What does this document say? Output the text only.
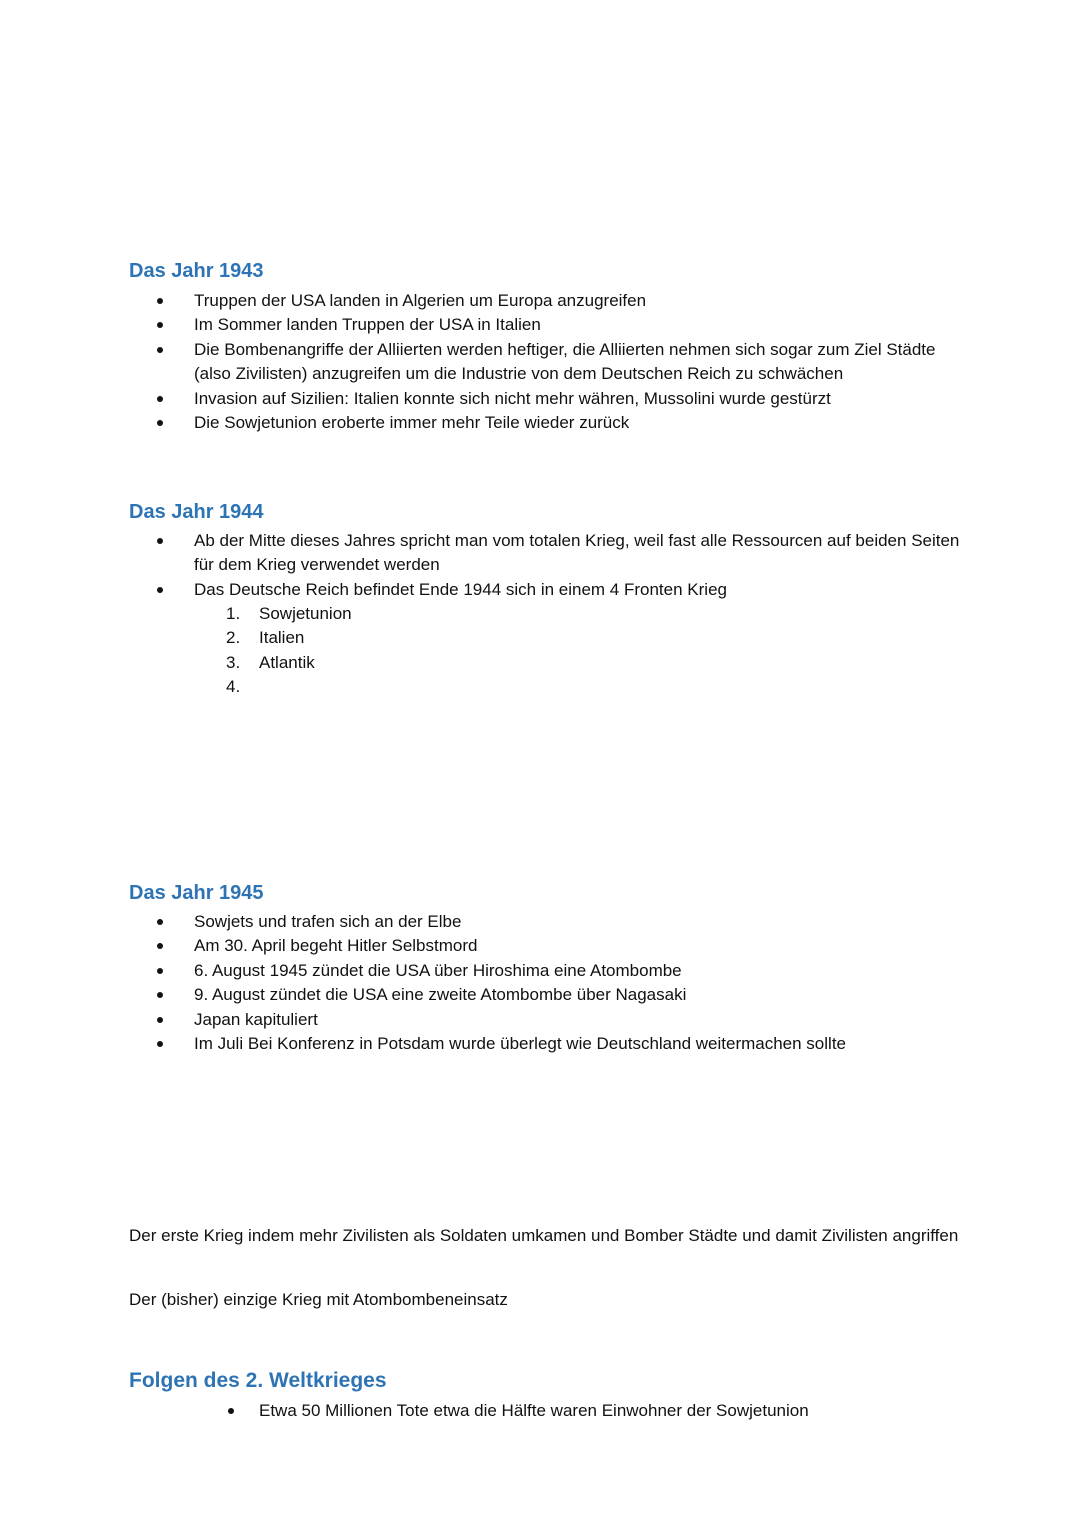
Das Jahr 1943
Truppen der USA landen in Algerien um Europa anzugreifen
Im Sommer landen Truppen der USA in Italien
Die Bombenangriffe der Alliierten werden heftiger, die Alliierten nehmen sich sogar zum Ziel Städte (also Zivilisten) anzugreifen um die Industrie von dem Deutschen Reich zu schwächen
Invasion auf Sizilien: Italien konnte sich nicht mehr währen, Mussolini wurde gestürzt
Die Sowjetunion eroberte immer mehr Teile wieder zurück
Das Jahr 1944
Ab der Mitte dieses Jahres spricht man vom totalen Krieg, weil fast alle Ressourcen auf beiden Seiten für dem Krieg verwendet werden
Das Deutsche Reich befindet Ende 1944 sich in einem 4 Fronten Krieg
1. Sowjetunion
2. Italien
3. Atlantik
4.
Das Jahr 1945
Sowjets und trafen sich an der Elbe
Am 30. April begeht Hitler Selbstmord
6. August 1945 zündet die USA über Hiroshima eine Atombombe
9. August zündet die USA eine zweite Atombombe über Nagasaki
Japan kapituliert
Im Juli Bei Konferenz in Potsdam wurde überlegt wie Deutschland weitermachen sollte

Der erste Krieg indem mehr Zivilisten als Soldaten umkamen und Bomber Städte und damit Zivilisten angriffen

Der (bisher) einzige Krieg mit Atombombeneinsatz

Folgen des 2. Weltkrieges
Etwa 50 Millionen Tote etwa die Hälfte waren Einwohner der Sowjetunion
